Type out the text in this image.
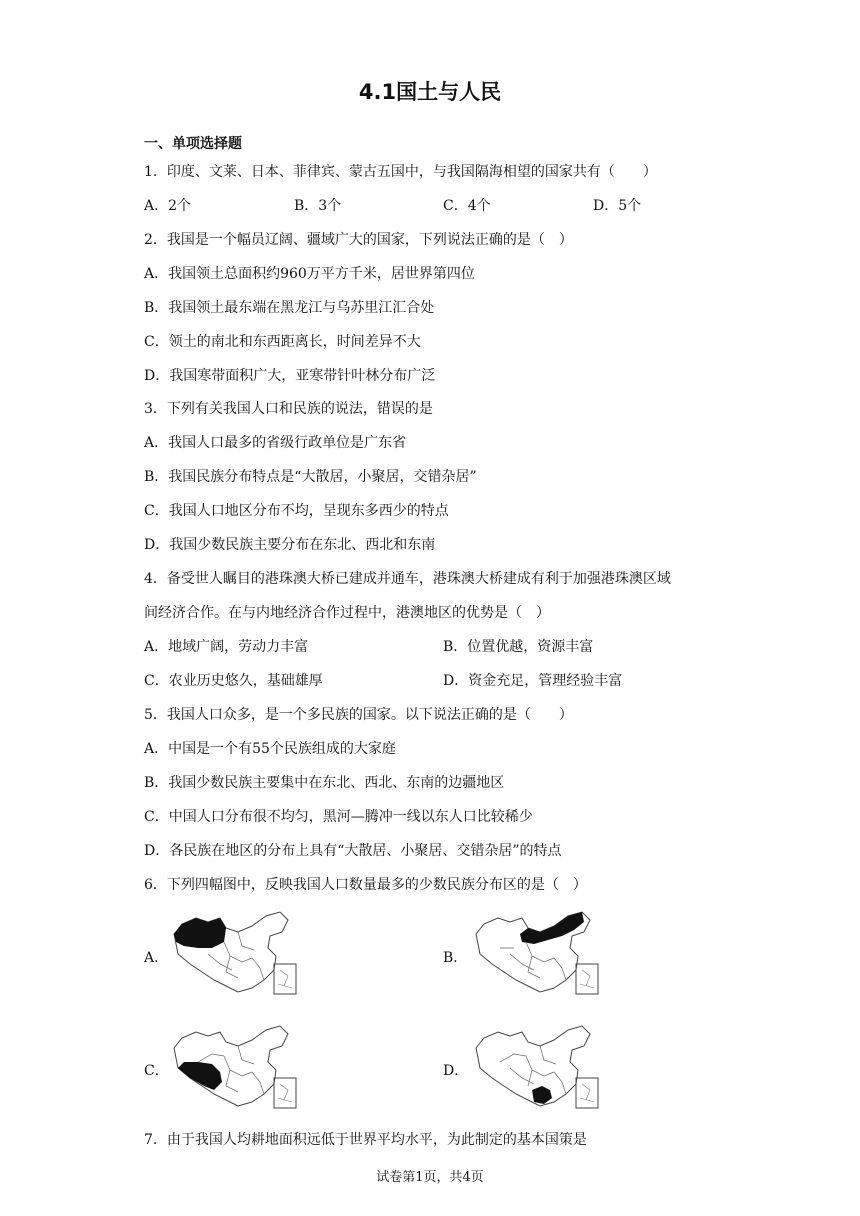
4.1国土与人民
一、单项选择题
1．印度、文莱、日本、菲律宾、蒙古五国中，与我国隔海相望的国家共有（　　）
A．2个	B．3个	C．4个	D．5个
2．我国是一个幅员辽阔、疆域广大的国家，下列说法正确的是（　）
A．我国领土总面积约960万平方千米，居世界第四位
B．我国领土最东端在黑龙江与乌苏里江汇合处
C．领土的南北和东西距离长，时间差异不大
D．我国寒带面积广大，亚寒带针叶林分布广泛
3．下列有关我国人口和民族的说法，错误的是
A．我国人口最多的省级行政单位是广东省
B．我国民族分布特点是“大散居，小聚居，交错杂居”
C．我国人口地区分布不均，呈现东多西少的特点
D．我国少数民族主要分布在东北、西北和东南
4．备受世人瞩目的港珠澳大桥已建成并通车，港珠澳大桥建成有利于加强港珠澳区域
间经济合作。在与内地经济合作过程中，港澳地区的优势是（　）
A．地域广阔，劳动力丰富	B．位置优越，资源丰富
C．农业历史悠久，基础雄厚	D．资金充足，管理经验丰富
5．我国人口众多，是一个多民族的国家。以下说法正确的是（　　）
A．中国是一个有55个民族组成的大家庭
B．我国少数民族主要集中在东北、西北、东南的边疆地区
C．中国人口分布很不均匀，黑河—腾冲一线以东人口比较稀少
D．各民族在地区的分布上具有“大散居、小聚居、交错杂居”的特点
6．下列四幅图中，反映我国人口数量最多的少数民族分布区的是（　）
A．	B．
C．	D．
7．由于我国人均耕地面积远低于世界平均水平，为此制定的基本国策是
试卷第1页，共4页
